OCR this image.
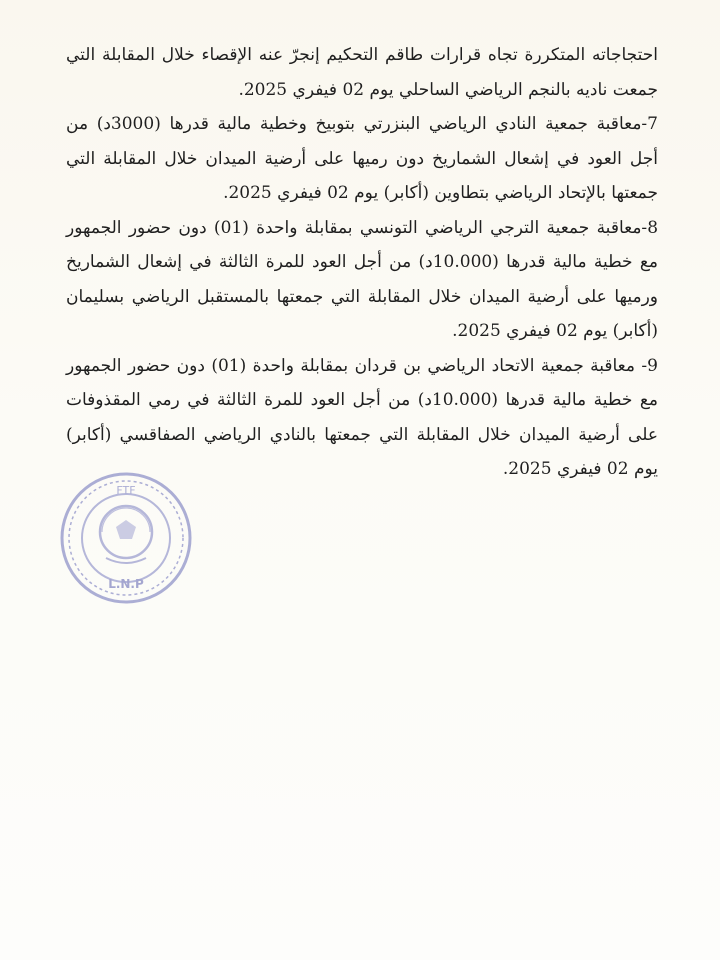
احتجاجاته المتكررة تجاه قرارات طاقم التحكيم إنجرّ عنه الإقصاء خلال المقابلة التي جمعت ناديه بالنجم الرياضي الساحلي يوم 02 فيفري 2025.

7-معاقبة جمعية النادي الرياضي البنزرتي بتوبيخ وخطية مالية قدرها (3000د) من أجل العود في إشعال الشماريخ دون رميها على أرضية الميدان خلال المقابلة التي جمعتها بالإتحاد الرياضي بتطاوين (أكابر) يوم 02 فيفري 2025.

8-معاقبة جمعية الترجي الرياضي التونسي بمقابلة واحدة (01) دون حضور الجمهور مع خطية مالية قدرها (10.000د) من أجل العود للمرة الثالثة في إشعال الشماريخ ورميها على أرضية الميدان خلال المقابلة التي جمعتها بالمستقبل الرياضي بسليمان (أكابر) يوم 02 فيفري 2025.

9- معاقبة جمعية الاتحاد الرياضي بن قردان بمقابلة واحدة (01) دون حضور الجمهور مع خطية مالية قدرها (10.000د) من أجل العود للمرة الثالثة في رمي المقذوفات على أرضية الميدان خلال المقابلة التي جمعتها بالنادي الرياضي الصفاقسي (أكابر) يوم 02 فيفري 2025.

FTF
L.N.P
